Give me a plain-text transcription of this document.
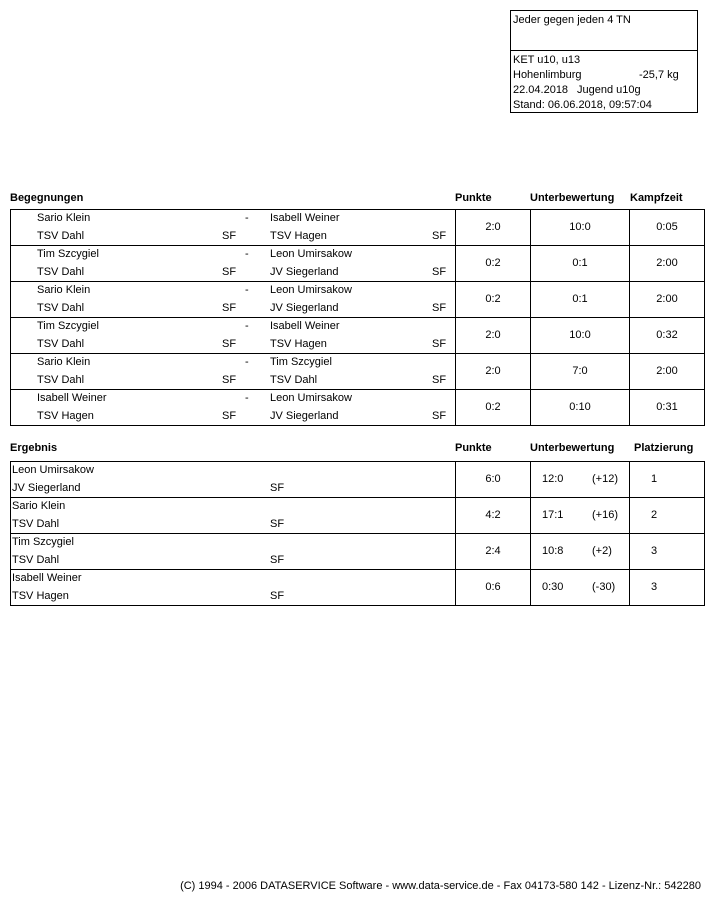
Jeder gegen jeden 4 TN
KET u10, u13
Hohenlimburg	-25,7 kg
22.04.2018 Jugend u10g
Stand: 06.06.2018, 09:57:04
Begegnungen	Punkte	Unterbewertung Kampfzeit
Sario Klein
TSV Dahl	SF
- Isabell Weiner
TSV Hagen	SF
2:0	10:0	0:05
Tim Szcygiel
TSV Dahl	SF
- Leon Umirsakow
JV Siegerland	SF
0:2	0:1	2:00
Sario Klein
TSV Dahl	SF
- Leon Umirsakow
JV Siegerland	SF
0:2	0:1	2:00
Tim Szcygiel
TSV Dahl	SF
- Isabell Weiner
TSV Hagen	SF
2:0	10:0	0:32
Sario Klein
TSV Dahl	SF
- Tim Szcygiel
TSV Dahl	SF
2:0	7:0	2:00
Isabell Weiner
TSV Hagen	SF
- Leon Umirsakow
JV Siegerland	SF
0:2	0:10	0:31
Ergebnis	Punkte	Unterbewertung Platzierung
Leon Umirsakow
JV Siegerland	SF
6:0	12:0	(+12)	1
Sario Klein
TSV Dahl	SF
4:2	17:1	(+16)	2
Tim Szcygiel
TSV Dahl	SF
2:4	10:8	(+2)	3
Isabell Weiner
TSV Hagen	SF
0:6	0:30	(-30)	3
(C) 1994 - 2006 DATASERVICE Software - www.data-service.de - Fax 04173-580 142 - Lizenz-Nr.: 542280
